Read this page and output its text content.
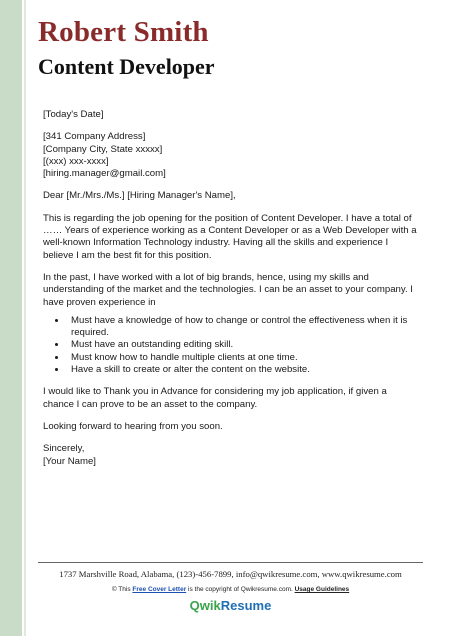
Robert Smith
Content Developer

[Today's Date]

[341 Company Address]
[Company City, State xxxxx]
[(xxx) xxx-xxxx]
[hiring.manager@gmail.com]

Dear [Mr./Mrs./Ms.] [Hiring Manager's Name],

This is regarding the job opening for the position of Content Developer. I have a total of …… Years of experience working as a Content Developer or as a Web Developer with a well-known Information Technology industry. Having all the skills and experience I believe I am the best fit for this position.

In the past, I have worked with a lot of big brands, hence, using my skills and understanding of the market and the technologies. I can be an asset to your company. I have proven experience in

• Must have a knowledge of how to change or control the effectiveness when it is required.
• Must have an outstanding editing skill.
• Must know how to handle multiple clients at one time.
• Have a skill to create or alter the content on the website.

I would like to Thank you in Advance for considering my job application, if given a chance I can prove to be an asset to the company.

Looking forward to hearing from you soon.

Sincerely,
[Your Name]
1737 Marshville Road, Alabama, (123)-456-7899, info@qwikresume.com, www.qwikresume.com
© This Free Cover Letter is the copyright of Qwikresume.com. Usage Guidelines
QwikResume
